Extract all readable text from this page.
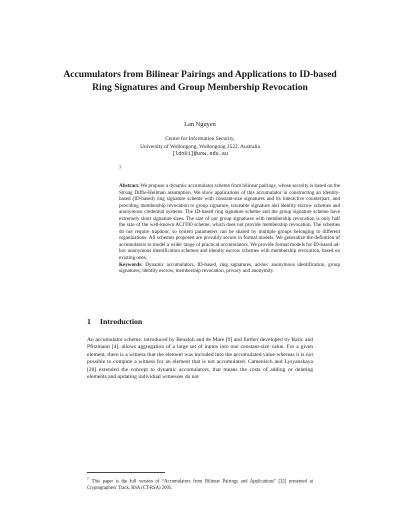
Accumulators from Bilinear Pairings and Applications to ID-based Ring Signatures and Group Membership Revocation
Lan Nguyen
Centre for Information Security,
University of Wollongong, Wollongong 2522, Australia
[ldn01]@uow.edu.au
?
Abstract. We propose a dynamic accumulator scheme from bilinear pairings, whose security is based on the Strong Diffie-Hellman assumption. We show applications of this accumulator in constructing an identity-based (ID-based) ring signature scheme with constant-size signatures and its interactive counterpart, and providing membership revocation to group signature, traceable signature and identity escrow schemes and anonymous credential systems. The ID-based ring signature scheme and the group signature scheme have extremely short signature sizes. The size of our group signatures with membership revocation is only half the size of the well-known ACJT00 scheme, which does not provide membership revocation. The schemes do not require trapdoor, so system parameters can be shared by multiple groups belonging to different organizations. All schemes proposed are provably secure in formal models. We generalize the definition of accumulators to model a wider range of practical accumulators. We provide formal models for ID-based ad-hoc anonymous identification schemes and identity escrow schemes with membership revocation, based on existing ones.
Keywords: Dynamic accumulators, ID-based, ring signatures, ad-hoc anonymous identification, group signatures, identity escrow, membership revocation, privacy and anonymity.
1 Introduction
An accumulator scheme, introduced by Benaloh and de Mare [9] and further developed by Baric and Pfitzmann [4], allows aggregation of a large set of inputs into one constant-size value. For a given element, there is a witness that the element was included into the accumulated value whereas it is not possible to compute a witness for an element that is not accumulated. Camenisch and Lysyanskaya [20] extended the concept to dynamic accumulators, that means the costs of adding or deleting elements and updating individual witnesses do not
?This paper is the full version of “Accumulators from Bilinear Pairings and Applications” [32] presented at Cryptographers' Track, RSA (CT-RSA) 2005.
